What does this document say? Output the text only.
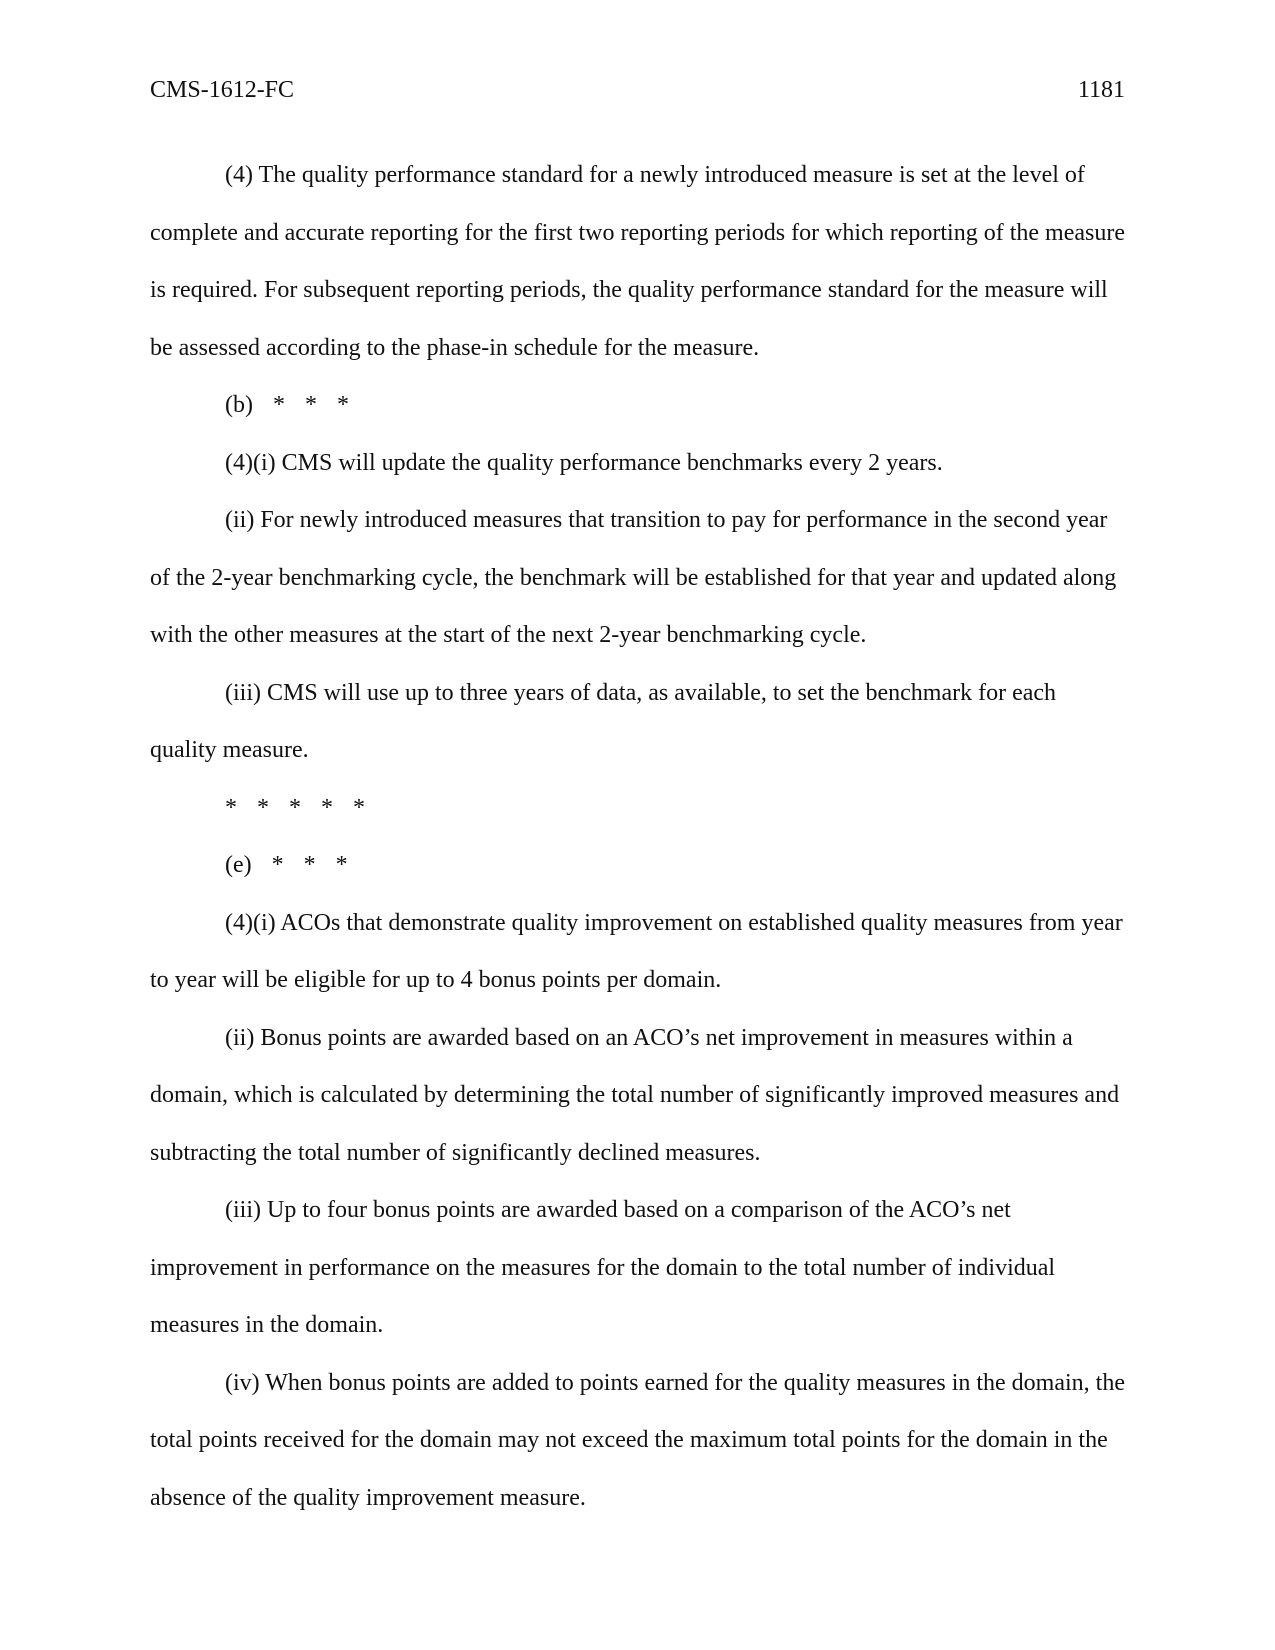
CMS-1612-FC	1181

(4) The quality performance standard for a newly introduced measure is set at the level of complete and accurate reporting for the first two reporting periods for which reporting of the measure is required. For subsequent reporting periods, the quality performance standard for the measure will be assessed according to the phase-in schedule for the measure.

(b) * * *

(4)(i) CMS will update the quality performance benchmarks every 2 years.

(ii) For newly introduced measures that transition to pay for performance in the second year of the 2-year benchmarking cycle, the benchmark will be established for that year and updated along with the other measures at the start of the next 2-year benchmarking cycle.

(iii) CMS will use up to three years of data, as available, to set the benchmark for each quality measure.

* * * * *

(e) * * *

(4)(i) ACOs that demonstrate quality improvement on established quality measures from year to year will be eligible for up to 4 bonus points per domain.

(ii) Bonus points are awarded based on an ACO’s net improvement in measures within a domain, which is calculated by determining the total number of significantly improved measures and subtracting the total number of significantly declined measures.

(iii) Up to four bonus points are awarded based on a comparison of the ACO’s net improvement in performance on the measures for the domain to the total number of individual measures in the domain.

(iv) When bonus points are added to points earned for the quality measures in the domain, the total points received for the domain may not exceed the maximum total points for the domain in the absence of the quality improvement measure.
